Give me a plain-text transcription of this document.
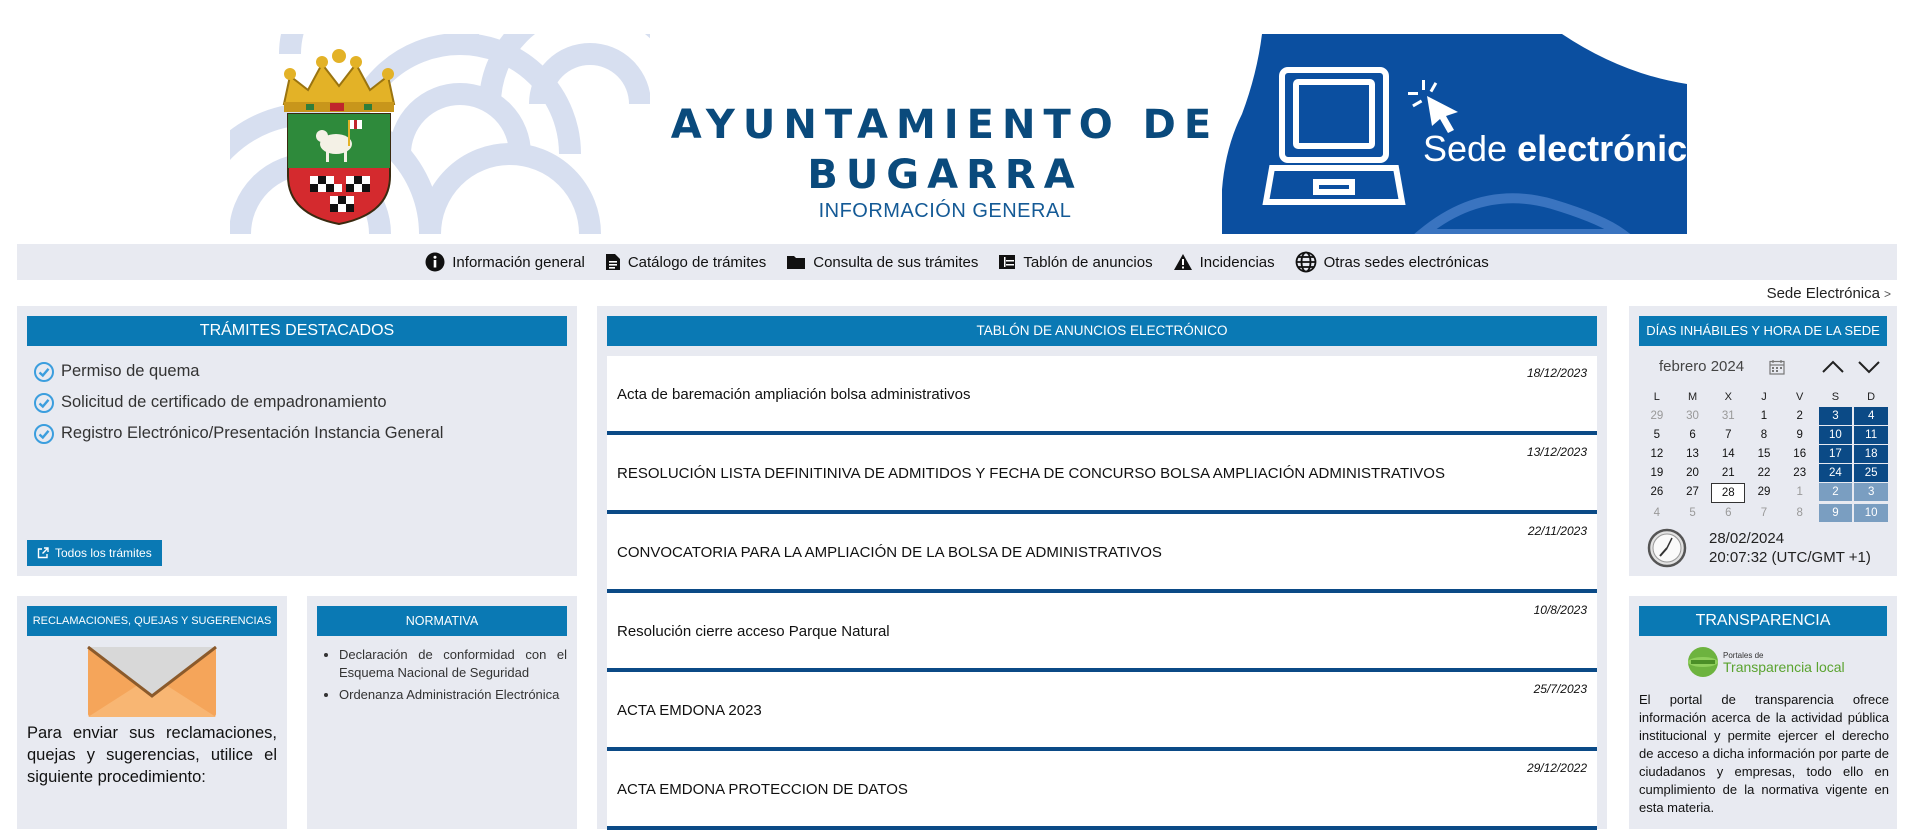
AYUNTAMIENTO DE
BUGARRA
INFORMACIÓN GENERAL
Sede electrónica
Información general	Catálogo de trámites	Consulta de sus trámites	Tablón de anuncios	Incidencias	Otras sedes electrónicas
Sede Electrónica >
TRÁMITES DESTACADOS
Permiso de quema
Solicitud de certificado de empadronamiento
Registro Electrónico/Presentación Instancia General
Todos los trámites
TABLÓN DE ANUNCIOS ELECTRÓNICO
18/12/2023
Acta de baremación ampliación bolsa administrativos
13/12/2023
RESOLUCIÓN LISTA DEFINITINIVA DE ADMITIDOS Y FECHA DE CONCURSO BOLSA AMPLIACIÓN ADMINISTRATIVOS
22/11/2023
CONVOCATORIA PARA LA AMPLIACIÓN DE LA BOLSA DE ADMINISTRATIVOS
10/8/2023
Resolución cierre acceso Parque Natural
25/7/2023
ACTA EMDONA 2023
29/12/2022
ACTA EMDONA PROTECCION DE DATOS
DÍAS INHÁBILES Y HORA DE LA SEDE
febrero 2024
L	M	X	J	V	S	D
29	30	31	1	2	3	4
5	6	7	8	9	10	11
12	13	14	15	16	17	18
19	20	21	22	23	24	25
26	27	28	29	1	2	3
4	5	6	7	8	9	10
28/02/2024
20:07:32 (UTC/GMT +1)
RECLAMACIONES, QUEJAS Y SUGERENCIAS
Para enviar sus reclamaciones, quejas y sugerencias, utilice el siguiente procedimiento:
NORMATIVA
• Declaración de conformidad con el Esquema Nacional de Seguridad
• Ordenanza Administración Electrónica
TRANSPARENCIA
Portales de
Transparencia local
El portal de transparencia ofrece información acerca de la actividad pública institucional y permite ejercer el derecho de acceso a dicha información por parte de ciudadanos y empresas, todo ello en cumplimiento de la normativa vigente en esta materia.
